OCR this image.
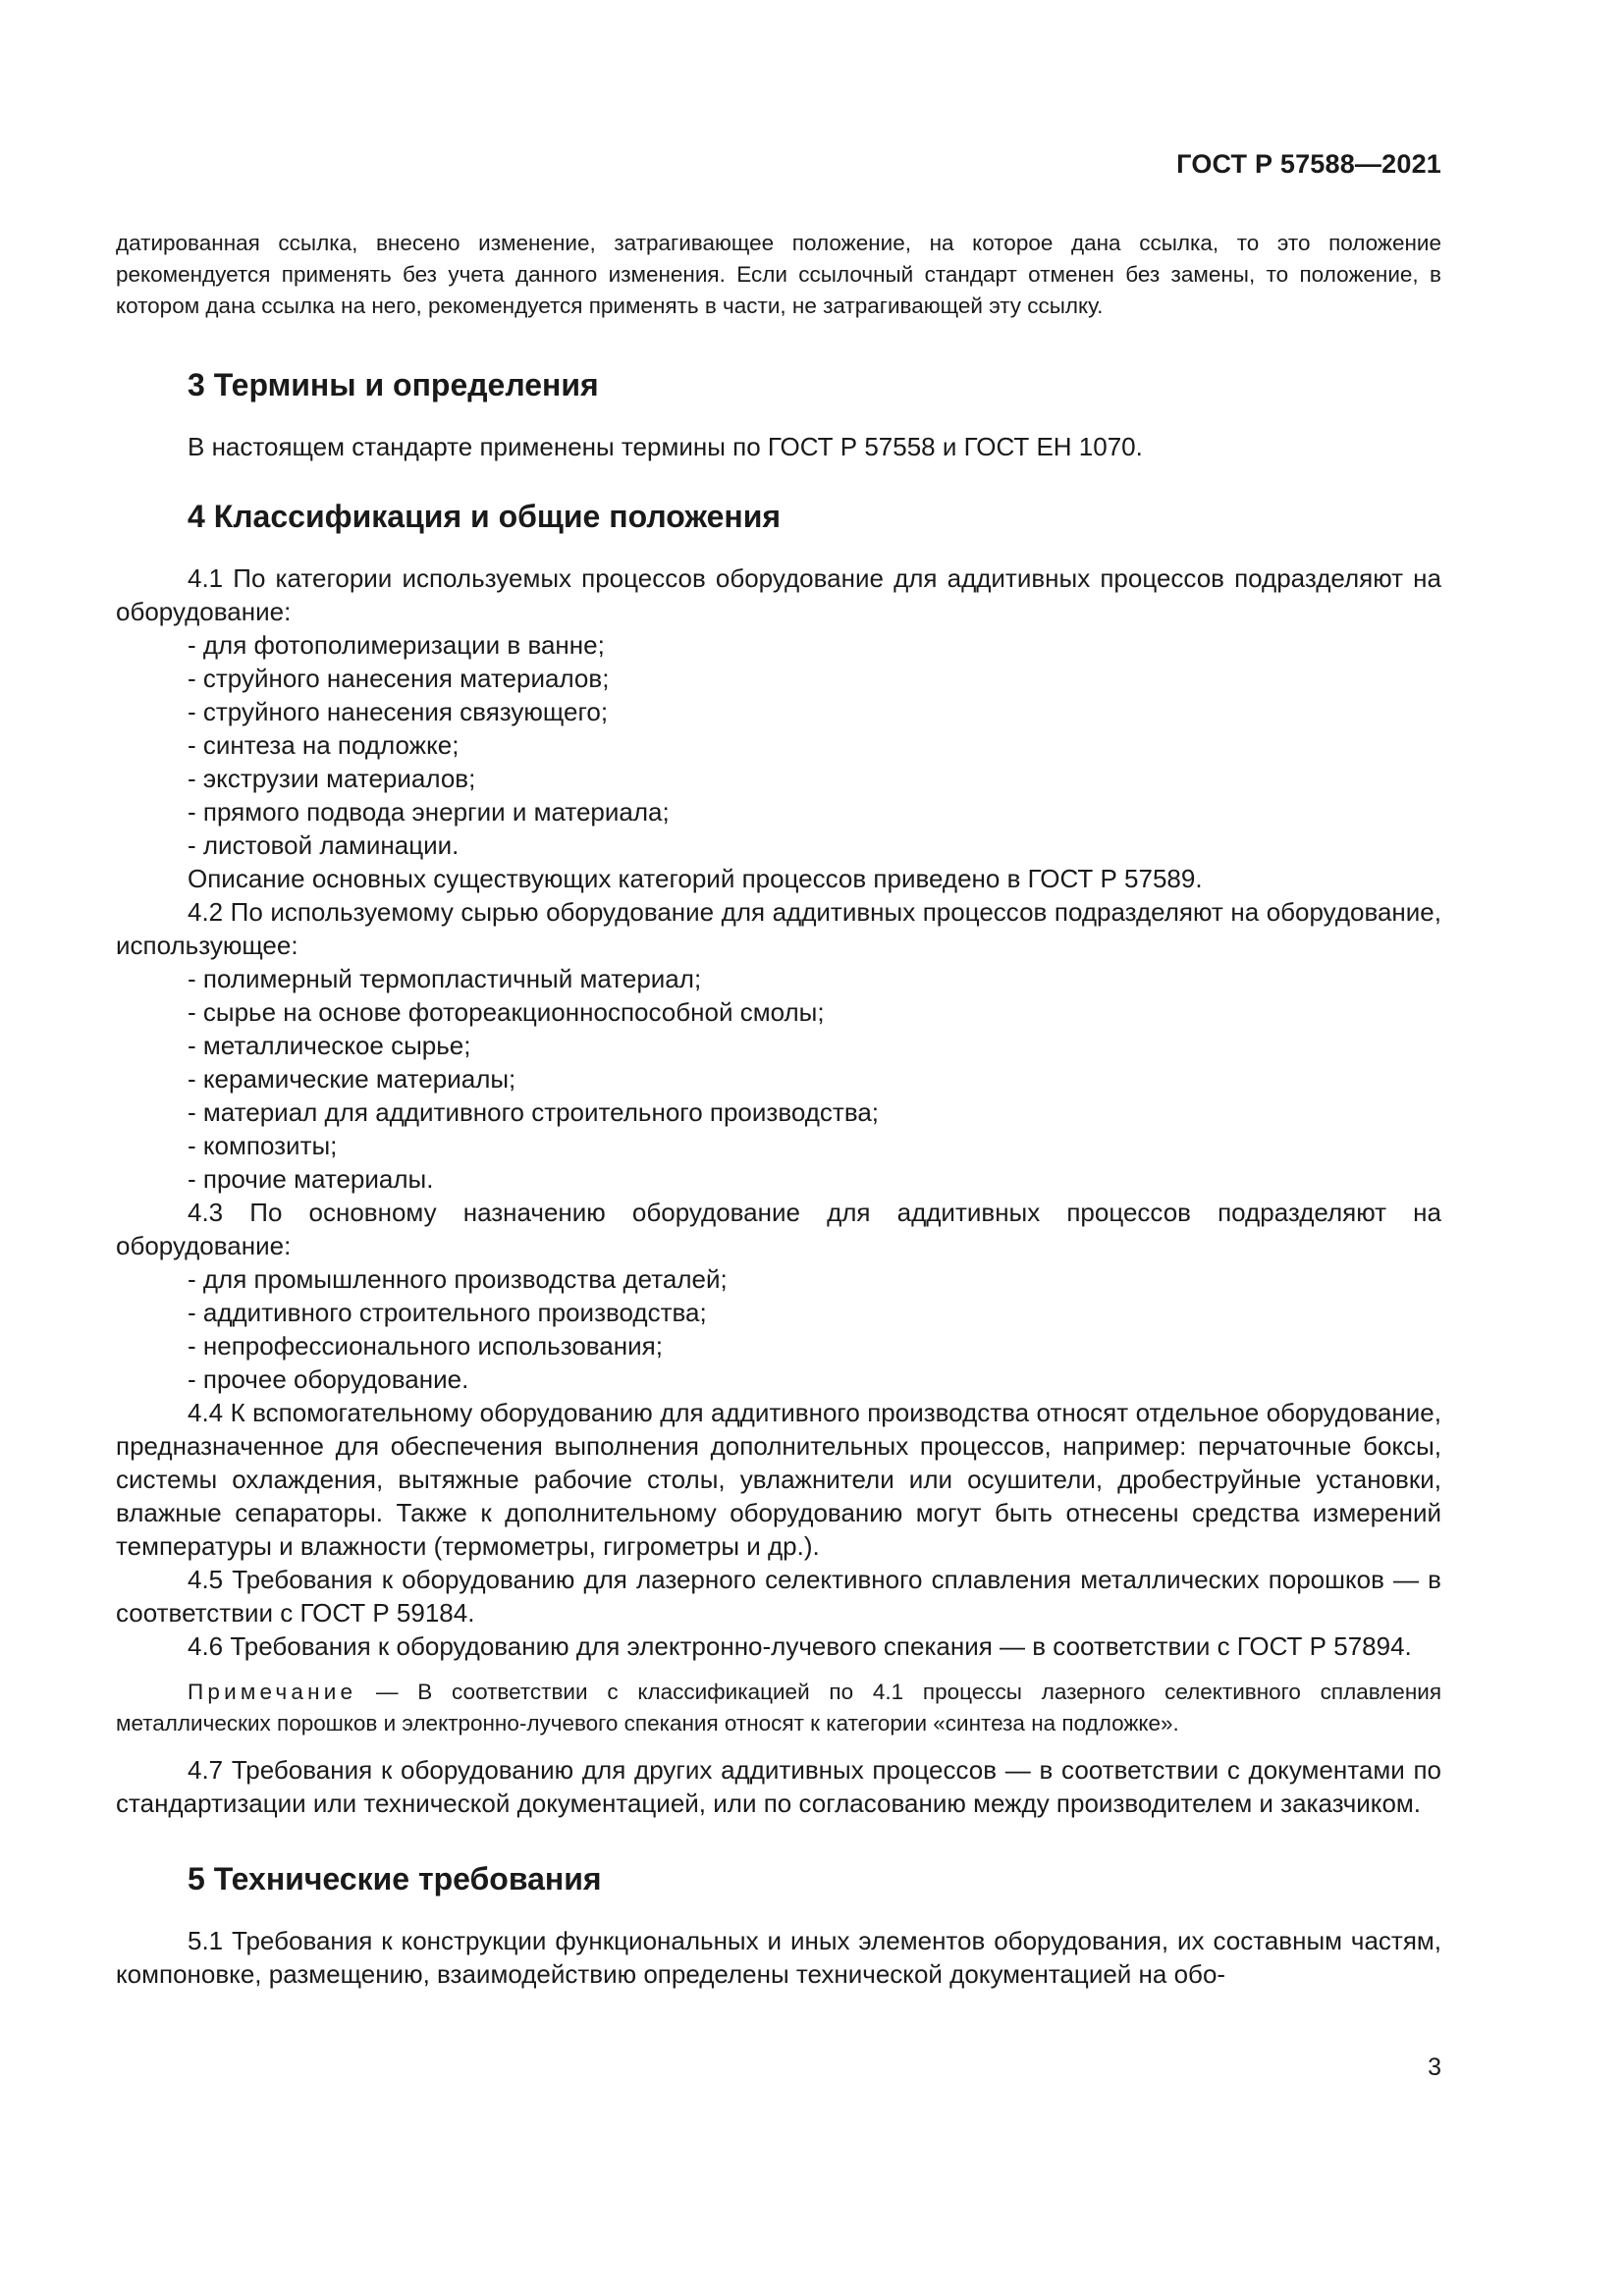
ГОСТ Р 57588—2021

датированная ссылка, внесено изменение, затрагивающее положение, на которое дана ссылка, то это положение рекомендуется применять без учета данного изменения. Если ссылочный стандарт отменен без замены, то положение, в котором дана ссылка на него, рекомендуется применять в части, не затрагивающей эту ссылку.

3 Термины и определения

В настоящем стандарте применены термины по ГОСТ Р 57558 и ГОСТ ЕН 1070.

4 Классификация и общие положения

4.1 По категории используемых процессов оборудование для аддитивных процессов подразделяют на оборудование:

- для фотополимеризации в ванне;

- струйного нанесения материалов;

- струйного нанесения связующего;

- синтеза на подложке;

- экструзии материалов;

- прямого подвода энергии и материала;

- листовой ламинации.

Описание основных существующих категорий процессов приведено в ГОСТ Р 57589.

4.2 По используемому сырью оборудование для аддитивных процессов подразделяют на оборудование, использующее:

- полимерный термопластичный материал;

- сырье на основе фотореакционноспособной смолы;

- металлическое сырье;

- керамические материалы;

- материал для аддитивного строительного производства;

- композиты;

- прочие материалы.

4.3 По основному назначению оборудование для аддитивных процессов подразделяют на оборудование:

- для промышленного производства деталей;

- аддитивного строительного производства;

- непрофессионального использования;

- прочее оборудование.

4.4 К вспомогательному оборудованию для аддитивного производства относят отдельное оборудование, предназначенное для обеспечения выполнения дополнительных процессов, например: перчаточные боксы, системы охлаждения, вытяжные рабочие столы, увлажнители или осушители, дробеструйные установки, влажные сепараторы. Также к дополнительному оборудованию могут быть отнесены средства измерений температуры и влажности (термометры, гигрометры и др.).

4.5 Требования к оборудованию для лазерного селективного сплавления металлических порошков — в соответствии с ГОСТ Р 59184.

4.6 Требования к оборудованию для электронно-лучевого спекания — в соответствии с ГОСТ Р 57894.

Примечание — В соответствии с классификацией по 4.1 процессы лазерного селективного сплавления металлических порошков и электронно-лучевого спекания относят к категории «синтеза на подложке».

4.7 Требования к оборудованию для других аддитивных процессов — в соответствии с документами по стандартизации или технической документацией, или по согласованию между производителем и заказчиком.

5 Технические требования

5.1 Требования к конструкции функциональных и иных элементов оборудования, их составным частям, компоновке, размещению, взаимодействию определены технической документацией на обо-

3
